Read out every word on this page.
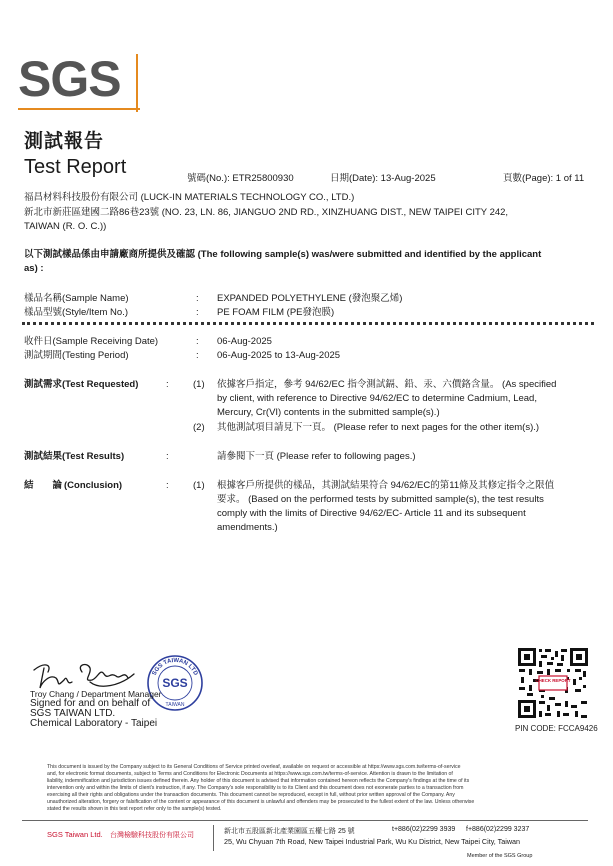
SGS
測試報告
Test Report
號碼(No.): ETR25800930	日期(Date): 13-Aug-2025	頁數(Page): 1 of 11
福昌材料科技股份有限公司 (LUCK-IN MATERIALS TECHNOLOGY CO., LTD.)
新北市新莊區建國二路86巷23號 (NO. 23, LN. 86, JIANGUO 2ND RD., XINZHUANG DIST., NEW TAIPEI CITY 242,
TAIWAN (R. O. C.))
以下測試樣品係由申請廠商所提供及確認 (The following sample(s) was/were submitted and identified by the applicant
as) :
樣品名稱(Sample Name)	: EXPANDED POLYETHYLENE (發泡聚乙烯)
樣品型號(Style/Item No.)	: PE FOAM FILM (PE發泡膜)
收件日(Sample Receiving Date)	: 06-Aug-2025
測試期間(Testing Period)	: 06-Aug-2025 to 13-Aug-2025
測試需求(Test Requested)	:	(1) 依據客戶指定，參考 94/62/EC 指令測試鎘、鉛、汞、六價鉻含量。 (As specified
by client, with reference to Directive 94/62/EC to determine Cadmium, Lead,
Mercury, Cr(VI) contents in the submitted sample(s).)
(2) 其他測試項目請見下一頁。 (Please refer to next pages for the other item(s).)
測試結果(Test Results)	:	請參閱下一頁 (Please refer to following pages.)
結　　論 (Conclusion)	:	(1) 根據客戶所提供的樣品，其測試結果符合 94/62/EC的第11條及其修定指令之限值
要求。 (Based on the performed tests by submitted sample(s), the test results
comply with the limits of Directive 94/62/EC- Article 11 and its subsequent
amendments.)
SGS TAIWAN LTD
SGS
TAIWAN
Troy Chang / Department Manager
Signed for and on behalf of
SGS TAIWAN LTD.
Chemical Laboratory - Taipei
CHECK REPORT
PIN CODE: FCCA9426
This document is issued by the Company subject to its General Conditions of Service printed overleaf, available on request or accessible at https://www.sgs.com.tw/terms-of-service
and, for electronic format documents, subject to Terms and Conditions for Electronic Documents at https://www.sgs.com.tw/terms-of-service. Attention is drawn to the limitation of
liability, indemnification and jurisdiction issues defined therein. Any holder of this document is advised that information contained hereon reflects the Company's findings at the time of its
intervention only and within the limits of client's instruction, if any. The Company's sole responsibility is to its Client and this document does not exonerate parties to a transaction from
exercising all their rights and obligations under the transaction documents. This document cannot be reproduced, except in full, without prior written approval of the Company. Any
unauthorized alteration, forgery or falsification of the content or appearance of this document is unlawful and offenders may be prosecuted to the fullest extent of the law. Unless otherwise
stated the results shown in this test report refer only to the sample(s) tested.
SGS Taiwan Ltd. 台灣檢驗科技股份有限公司	新北市五股區新北產業園區五權七路 25 號	t+886(02)2299 3939 f+886(02)2299 3237
25, Wu Chyuan 7th Road, New Taipei Industrial Park, Wu Ku District, New Taipei City, Taiwan
Member of the SGS Group
